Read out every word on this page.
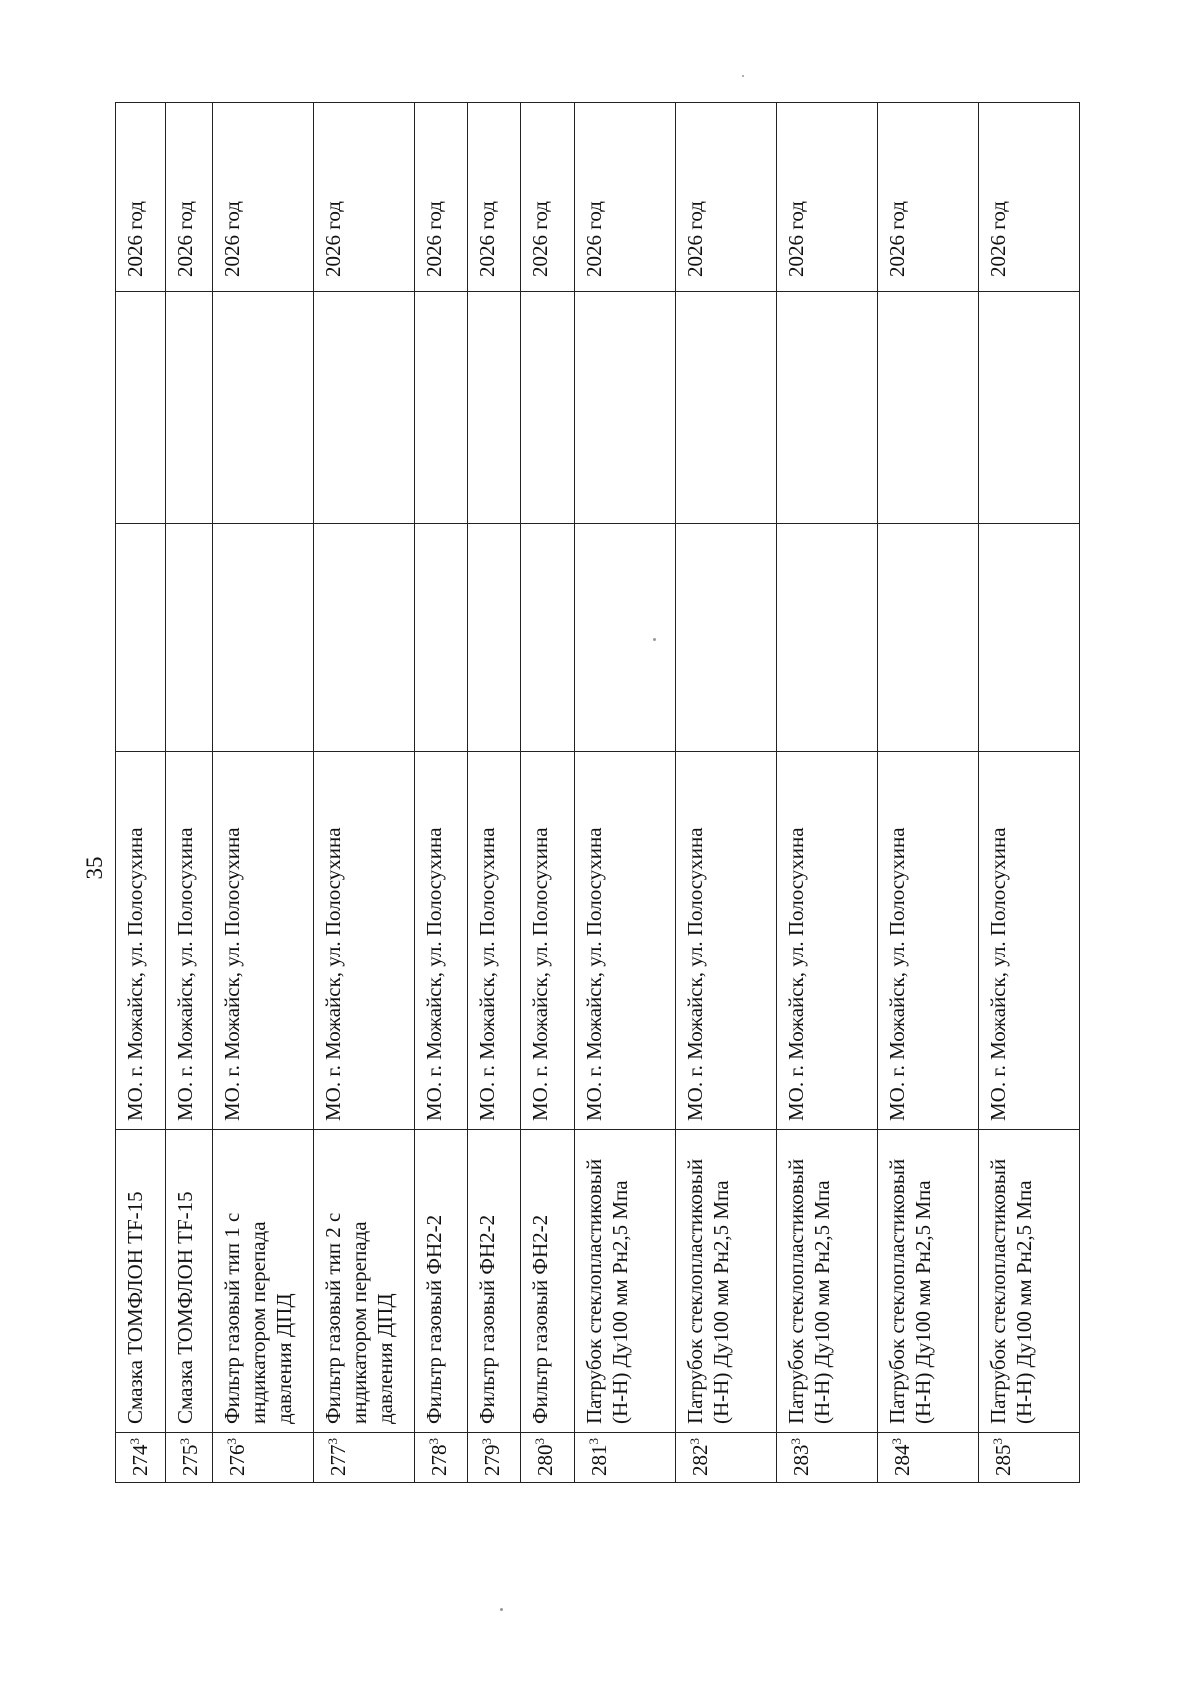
35
$274^3$	Смазка ТОМФЛОН TF-15	МО. г. Можайск, ул. Полосухина			2026 год
$275^3$	Смазка ТОМФЛОН TF-15	МО. г. Можайск, ул. Полосухина			2026 год
$276^3$	Фильтр газовый тип 1 с индикатором перепада давления ДПД	МО. г. Можайск, ул. Полосухина			2026 год
$277^3$	Фильтр газовый тип 2 с индикатором перепада давления ДПД	МО. г. Можайск, ул. Полосухина			2026 год
$278^3$	Фильтр газовый ФН2-2	МО. г. Можайск, ул. Полосухина			2026 год
$279^3$	Фильтр газовый ФН2-2	МО. г. Можайск, ул. Полосухина			2026 год
$280^3$	Фильтр газовый ФН2-2	МО. г. Можайск, ул. Полосухина			2026 год
$281^3$	Патрубок стеклопластиковый (Н-Н) Ду100 мм Рн2,5 Мпа	МО. г. Можайск, ул. Полосухина			2026 год
$282^3$	Патрубок стеклопластиковый (Н-Н) Ду100 мм Рн2,5 Мпа	МО. г. Можайск, ул. Полосухина			2026 год
$283^3$	Патрубок стеклопластиковый (Н-Н) Ду100 мм Рн2,5 Мпа	МО. г. Можайск, ул. Полосухина			2026 год
$284^3$	Патрубок стеклопластиковый (Н-Н) Ду100 мм Рн2,5 Мпа	МО. г. Можайск, ул. Полосухина			2026 год
$285^3$	Патрубок стеклопластиковый (Н-Н) Ду100 мм Рн2,5 Мпа	МО. г. Можайск, ул. Полосухина			2026 год
